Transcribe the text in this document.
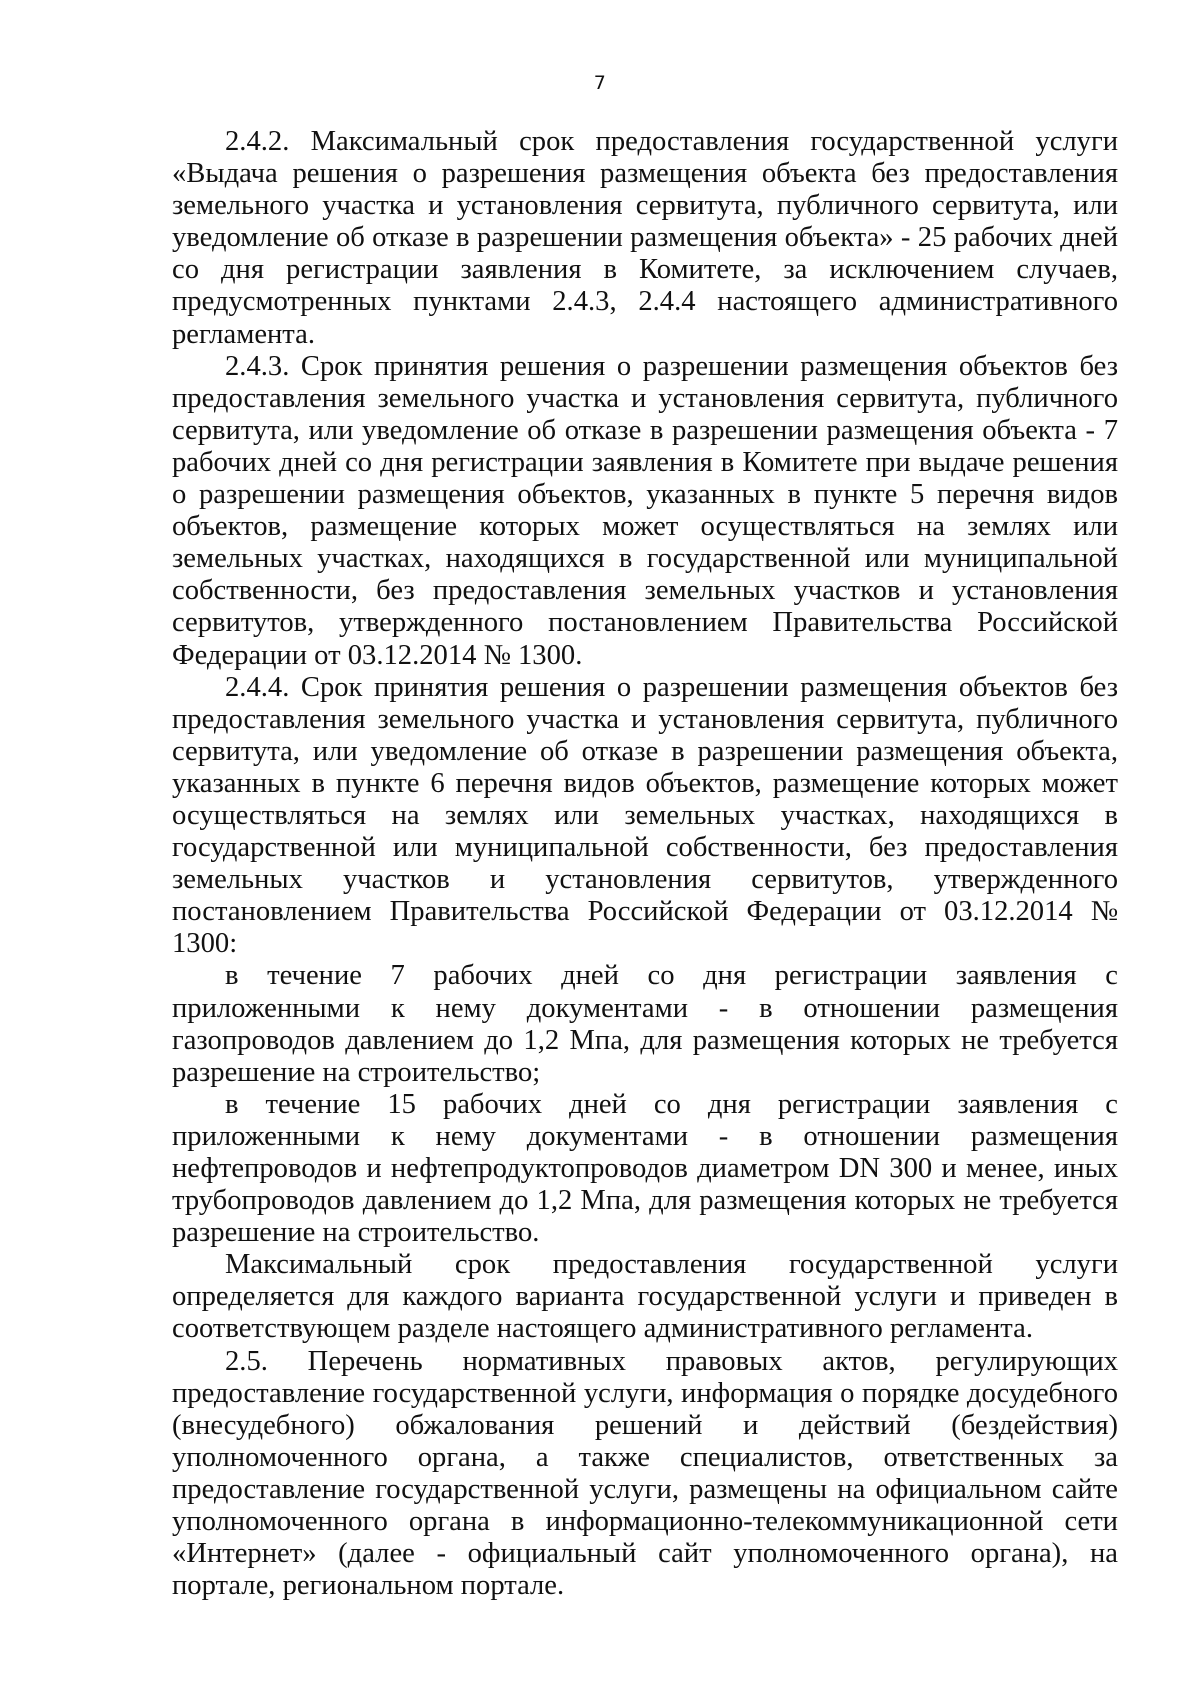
7

2.4.2. Максимальный срок предоставления государственной услуги «Выдача решения о разрешения размещения объекта без предоставления земельного участка и установления сервитута, публичного сервитута, или уведомление об отказе в разрешении размещения объекта» - 25 рабочих дней со дня регистрации заявления в Комитете, за исключением случаев, предусмотренных пунктами 2.4.3, 2.4.4 настоящего административного регламента.

2.4.3. Срок принятия решения о разрешении размещения объектов без предоставления земельного участка и установления сервитута, публичного сервитута, или уведомление об отказе в разрешении размещения объекта - 7 рабочих дней со дня регистрации заявления в Комитете при выдаче решения о разрешении размещения объектов, указанных в пункте 5 перечня видов объектов, размещение которых может осуществляться на землях или земельных участках, находящихся в государственной или муниципальной собственности, без предоставления земельных участков и установления сервитутов, утвержденного постановлением Правительства Российской Федерации от 03.12.2014 № 1300.

2.4.4. Срок принятия решения о разрешении размещения объектов без предоставления земельного участка и установления сервитута, публичного сервитута, или уведомление об отказе в разрешении размещения объекта, указанных в пункте 6 перечня видов объектов, размещение которых может осуществляться на землях или земельных участках, находящихся в государственной или муниципальной собственности, без предоставления земельных участков и установления сервитутов, утвержденного постановлением Правительства Российской Федерации от 03.12.2014 № 1300:

в течение 7 рабочих дней со дня регистрации заявления с приложенными к нему документами - в отношении размещения газопроводов давлением до 1,2 Мпа, для размещения которых не требуется разрешение на строительство;

в течение 15 рабочих дней со дня регистрации заявления с приложенными к нему документами - в отношении размещения нефтепроводов и нефтепродуктопроводов диаметром DN 300 и менее, иных трубопроводов давлением до 1,2 Мпа, для размещения которых не требуется разрешение на строительство.

Максимальный срок предоставления государственной услуги определяется для каждого варианта государственной услуги и приведен в соответствующем разделе настоящего административного регламента.

2.5. Перечень нормативных правовых актов, регулирующих предоставление государственной услуги, информация о порядке досудебного (внесудебного) обжалования решений и действий (бездействия) уполномоченного органа, а также специалистов, ответственных за предоставление государственной услуги, размещены на официальном сайте уполномоченного органа в информационно-телекоммуникационной сети «Интернет» (далее - официальный сайт уполномоченного органа), на портале, региональном портале.
